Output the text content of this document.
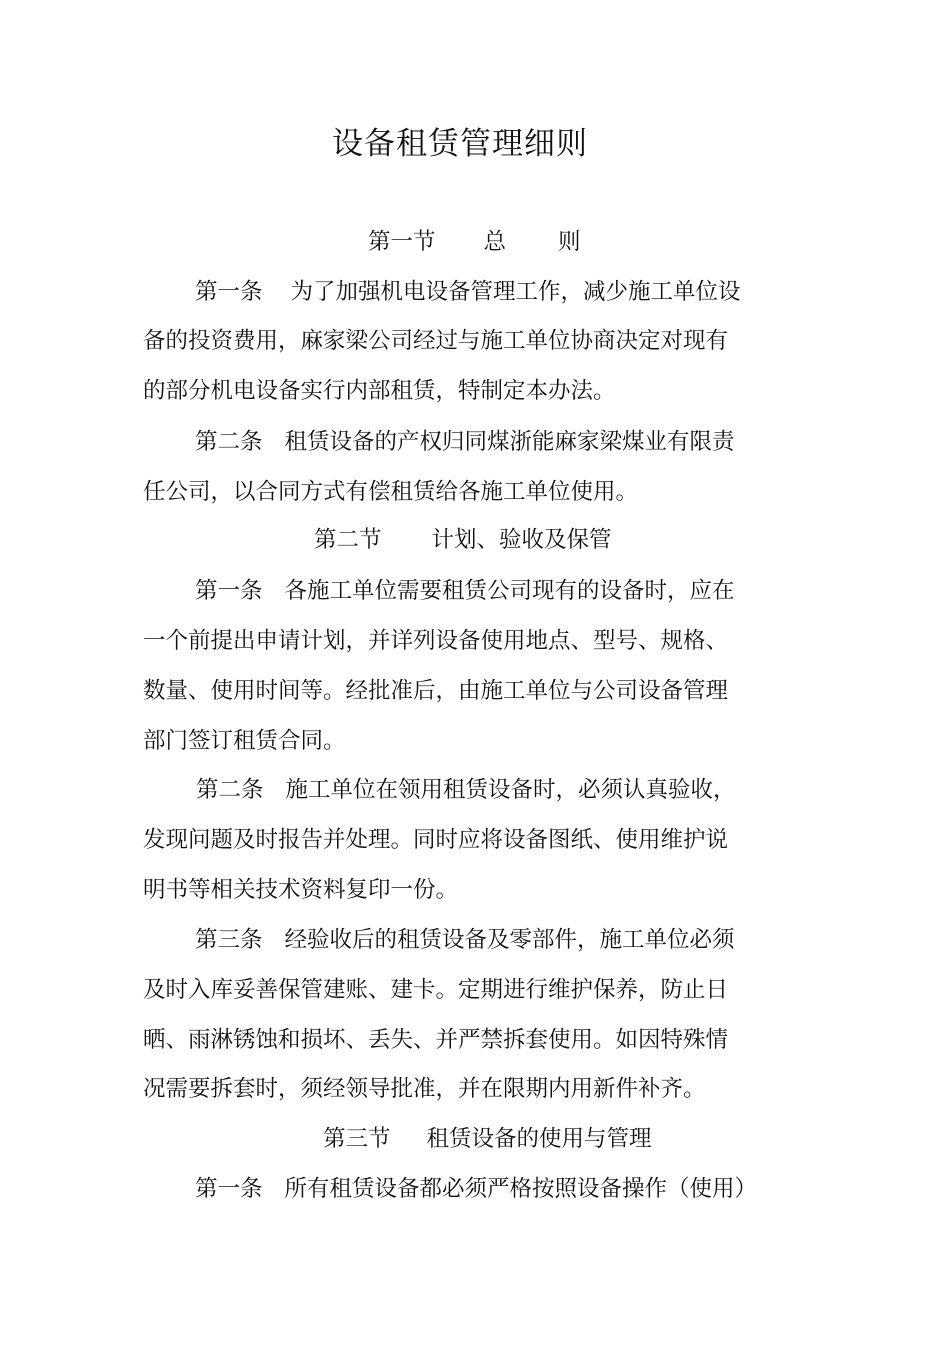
设备租赁管理细则
第一节 总 则

第一条 为了加强机电设备管理工作，减少施工单位设

备的投资费用，麻家梁公司经过与施工单位协商决定对现有

的部分机电设备实行内部租赁，特制定本办法。

第二条 租赁设备的产权归同煤浙能麻家梁煤业有限责

任公司，以合同方式有偿租赁给各施工单位使用。

第二节 计划、验收及保管

第一条 各施工单位需要租赁公司现有的设备时，应在

一个前提出申请计划，并详列设备使用地点、型号、规格、

数量、使用时间等。经批准后，由施工单位与公司设备管理

部门签订租赁合同。

第二条 施工单位在领用租赁设备时，必须认真验收，

发现问题及时报告并处理。同时应将设备图纸、使用维护说

明书等相关技术资料复印一份。

第三条 经验收后的租赁设备及零部件，施工单位必须

及时入库妥善保管建账、建卡。定期进行维护保养，防止日

晒、雨淋锈蚀和损坏、丢失、并严禁拆套使用。如因特殊情

况需要拆套时，须经领导批准，并在限期内用新件补齐。

第三节 租赁设备的使用与管理

第一条 所有租赁设备都必须严格按照设备操作（使用）
